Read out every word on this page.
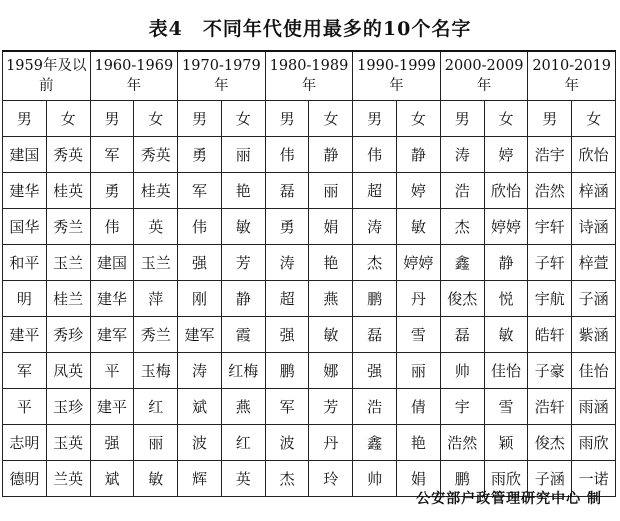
表4　不同年代使用最多的10个名字
1959年及以前		1960-1969年		1970-1979年		1980-1989年		1990-1999年		2000-2009年		2010-2019年	
男	女	男	女	男	女	男	女	男	女	男	女	男	女
建国	秀英	军	秀英	勇	丽	伟	静	伟	静	涛	婷	浩宇	欣怡
建华	桂英	勇	桂英	军	艳	磊	丽	超	婷	浩	欣怡	浩然	梓涵
国华	秀兰	伟	英	伟	敏	勇	娟	涛	敏	杰	婷婷	宇轩	诗涵
和平	玉兰	建国	玉兰	强	芳	涛	艳	杰	婷婷	鑫	静	子轩	梓萱
明	桂兰	建华	萍	刚	静	超	燕	鹏	丹	俊杰	悦	宇航	子涵
建平	秀珍	建军	秀兰	建军	霞	强	敏	磊	雪	磊	敏	皓轩	紫涵
军	凤英	平	玉梅	涛	红梅	鹏	娜	强	丽	帅	佳怡	子豪	佳怡
平	玉珍	建平	红	斌	燕	军	芳	浩	倩	宇	雪	浩轩	雨涵
志明	玉英	强	丽	波	红	波	丹	鑫	艳	浩然	颖	俊杰	雨欣
德明	兰英	斌	敏	辉	英	杰	玲	帅	娟	鹏	雨欣	子涵	一诺
公安部户政管理研究中心 制
